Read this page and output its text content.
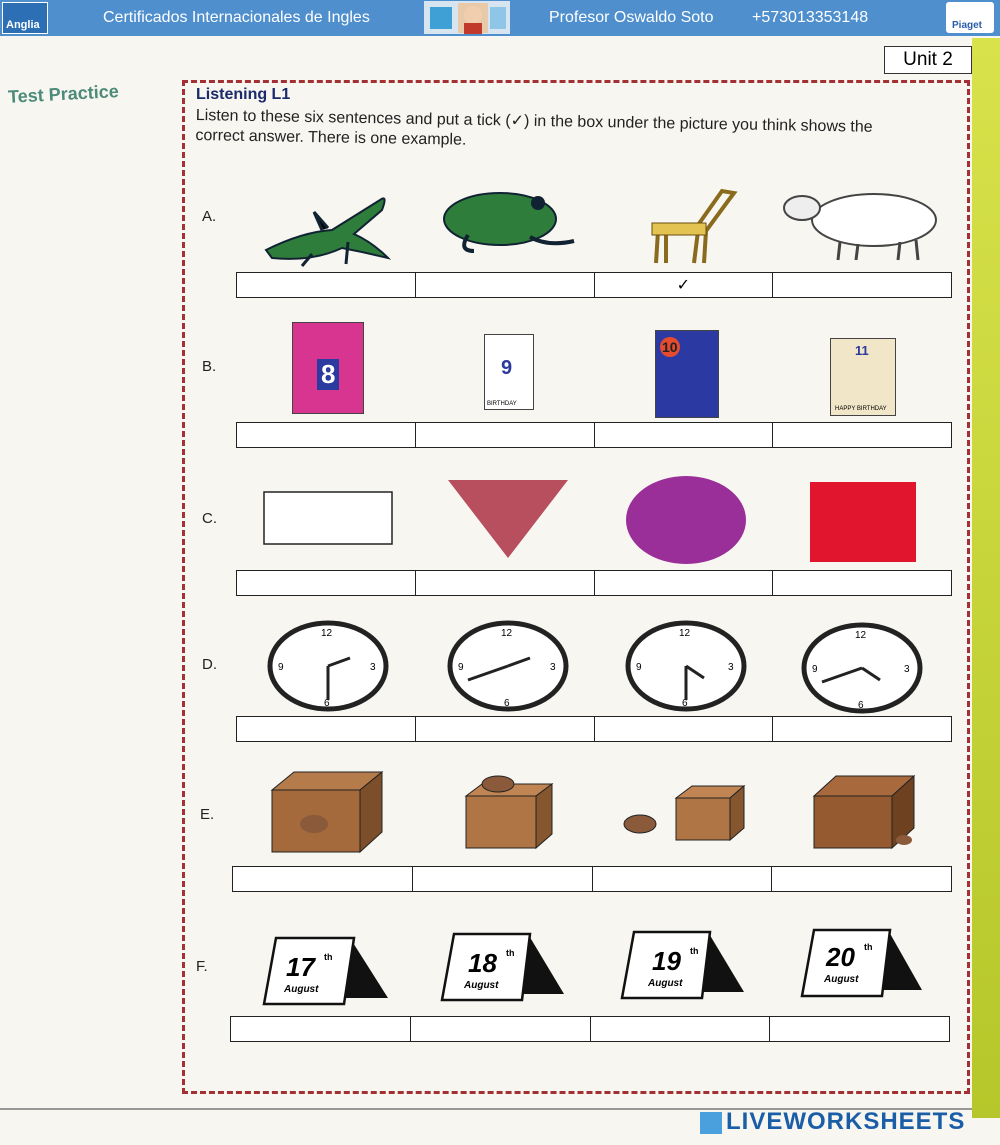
Anglia	Certificados Internacionales de Ingles	Profesor Oswaldo Soto +573013353148	Piaget
Test Practice
Unit 2
Listening L1
Listen to these six sentences and put a tick (✓) in the box under the picture you think shows the correct answer. There is one example.
A.
✓
B.	8	9
BIRTHDAY
10	11
HAPPY BIRTHDAY
C.
D.
12
3
6
9
12
3
6
9
12
3
6
9
12
3
6
9
E.
F.	17 th
August
18 th
August
19 th
August
20 th
August
LIVEWORKSHEETS
